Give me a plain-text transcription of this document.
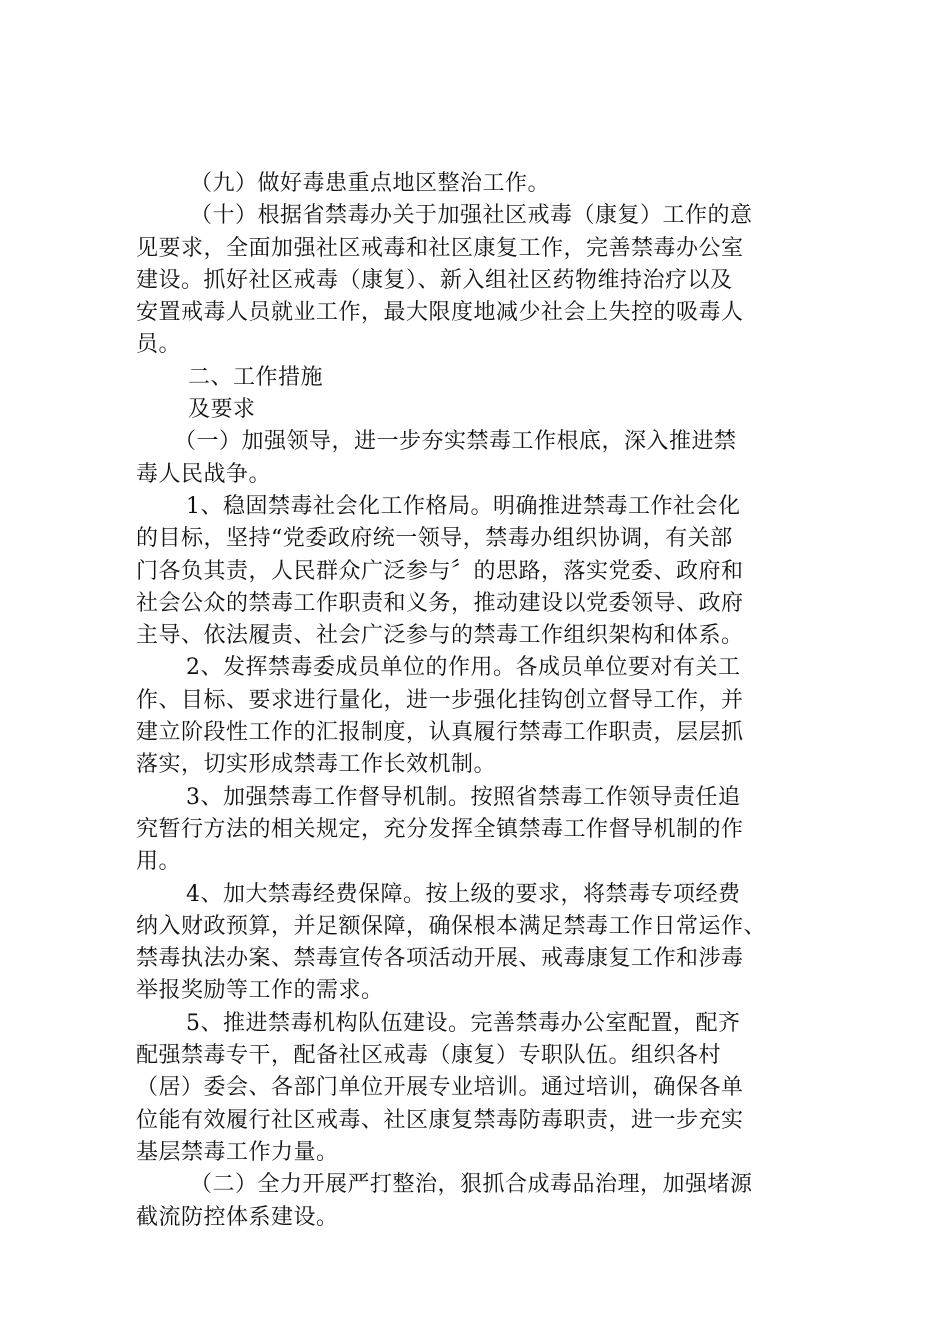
（九）做好毒患重点地区整治工作。
（十）根据省禁毒办关于加强社区戒毒（康复）工作的意
见要求，全面加强社区戒毒和社区康复工作，完善禁毒办公室
建设。抓好社区戒毒（康复）、新入组社区药物维持治疗以及
安置戒毒人员就业工作，最大限度地减少社会上失控的吸毒人
员。
二、工作措施
及要求
（一）加强领导，进一步夯实禁毒工作根底，深入推进禁
毒人民战争。
1、稳固禁毒社会化工作格局。明确推进禁毒工作社会化
的目标，坚持“党委政府统一领导，禁毒办组织协调，有关部
门各负其责，人民群众广泛参与〞的思路，落实党委、政府和
社会公众的禁毒工作职责和义务，推动建设以党委领导、政府
主导、依法履责、社会广泛参与的禁毒工作组织架构和体系。
2、发挥禁毒委成员单位的作用。各成员单位要对有关工
作、目标、要求进行量化，进一步强化挂钩创立督导工作，并
建立阶段性工作的汇报制度，认真履行禁毒工作职责，层层抓
落实，切实形成禁毒工作长效机制。
3、加强禁毒工作督导机制。按照省禁毒工作领导责任追
究暂行方法的相关规定，充分发挥全镇禁毒工作督导机制的作
用。
4、加大禁毒经费保障。按上级的要求，将禁毒专项经费
纳入财政预算，并足额保障，确保根本满足禁毒工作日常运作、
禁毒执法办案、禁毒宣传各项活动开展、戒毒康复工作和涉毒
举报奖励等工作的需求。
5、推进禁毒机构队伍建设。完善禁毒办公室配置，配齐
配强禁毒专干，配备社区戒毒（康复）专职队伍。组织各村
（居）委会、各部门单位开展专业培训。通过培训，确保各单
位能有效履行社区戒毒、社区康复禁毒防毒职责，进一步充实
基层禁毒工作力量。
（二）全力开展严打整治，狠抓合成毒品治理，加强堵源
截流防控体系建设。
